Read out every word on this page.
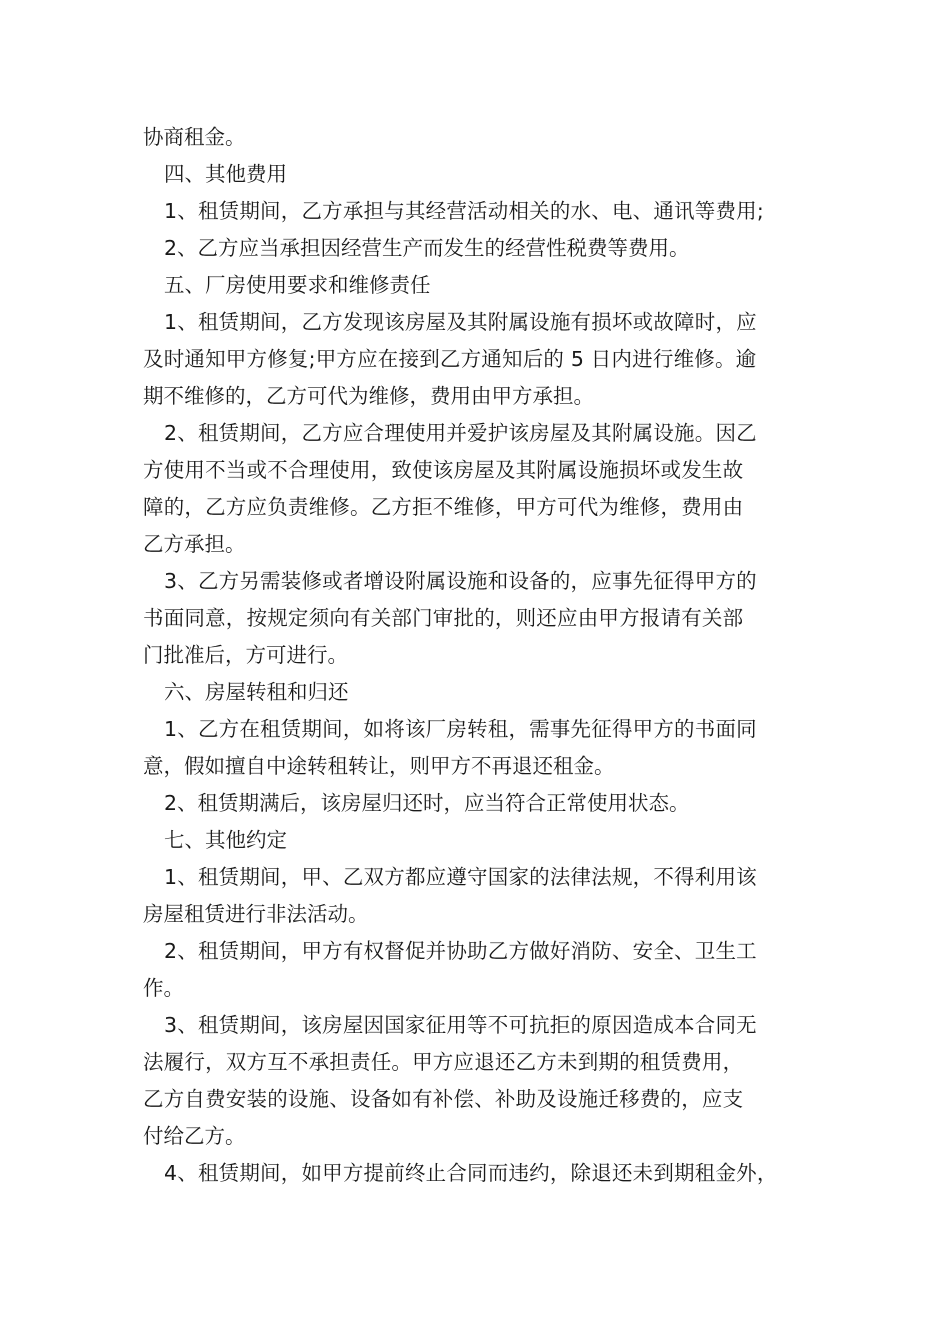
协商租金。
四、其他费用
1、租赁期间，乙方承担与其经营活动相关的水、电、通讯等费用;
2、乙方应当承担因经营生产而发生的经营性税费等费用。
五、厂房使用要求和维修责任
1、租赁期间，乙方发现该房屋及其附属设施有损坏或故障时，应
及时通知甲方修复;甲方应在接到乙方通知后的 5 日内进行维修。逾
期不维修的，乙方可代为维修，费用由甲方承担。
2、租赁期间，乙方应合理使用并爱护该房屋及其附属设施。因乙
方使用不当或不合理使用，致使该房屋及其附属设施损坏或发生故
障的，乙方应负责维修。乙方拒不维修，甲方可代为维修，费用由
乙方承担。
3、乙方另需装修或者增设附属设施和设备的，应事先征得甲方的
书面同意，按规定须向有关部门审批的，则还应由甲方报请有关部
门批准后，方可进行。
六、房屋转租和归还
1、乙方在租赁期间，如将该厂房转租，需事先征得甲方的书面同
意，假如擅自中途转租转让，则甲方不再退还租金。
2、租赁期满后，该房屋归还时，应当符合正常使用状态。
七、其他约定
1、租赁期间，甲、乙双方都应遵守国家的法律法规，不得利用该
房屋租赁进行非法活动。
2、租赁期间，甲方有权督促并协助乙方做好消防、安全、卫生工
作。
3、租赁期间，该房屋因国家征用等不可抗拒的原因造成本合同无
法履行，双方互不承担责任。甲方应退还乙方未到期的租赁费用，
乙方自费安装的设施、设备如有补偿、补助及设施迁移费的，应支
付给乙方。
4、租赁期间，如甲方提前终止合同而违约，除退还未到期租金外，
